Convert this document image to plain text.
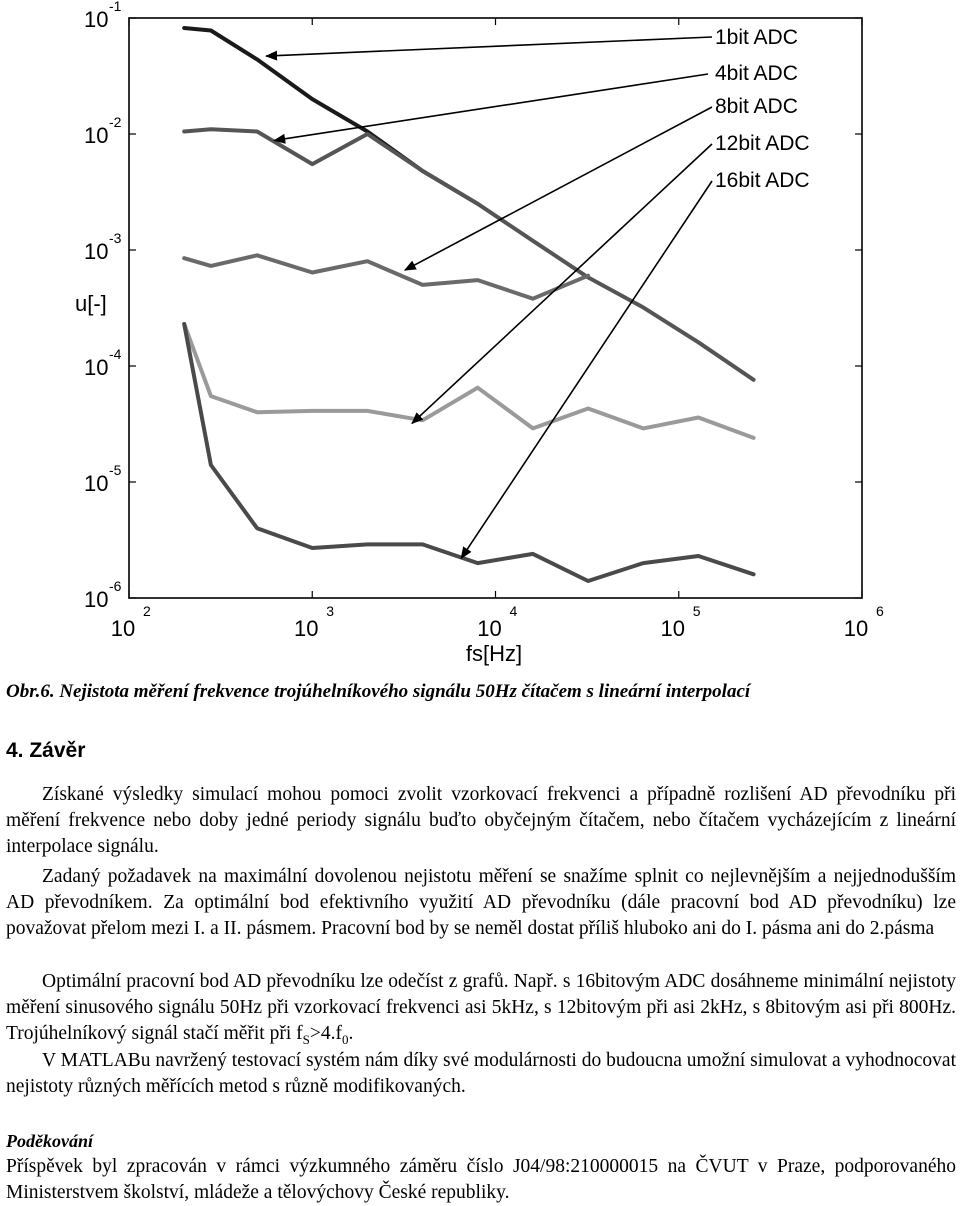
10
2
10
3
10
4
10
5
10
6
10
-1
10
-2
10
-3
10
-4
10
-5
10
-6
fs[Hz]
u[-]
1bit ADC
4bit ADC
8bit ADC
12bit ADC
16bit ADC
Obr.6. Nejistota měření frekvence trojúhelníkového signálu 50Hz čítačem s lineární interpolací
4. Závěr
Získané výsledky simulací mohou pomoci zvolit vzorkovací frekvenci a případně rozlišení AD převodníku při měření frekvence nebo doby jedné periody signálu buďto obyčejným čítačem, nebo čítačem vycházejícím z lineární interpolace signálu.
Zadaný požadavek na maximální dovolenou nejistotu měření se snažíme splnit co nejlevnějším a nejjednodušším AD převodníkem. Za optimální bod efektivního využití AD převodníku (dále pracovní bod AD převodníku) lze považovat přelom mezi I. a II. pásmem. Pracovní bod by se neměl dostat příliš hluboko ani do I. pásma ani do 2.pásma
Optimální pracovní bod AD převodníku lze odečíst z grafů. Např. s 16bitovým ADC dosáhneme minimální nejistoty měření sinusového signálu 50Hz při vzorkovací frekvenci asi 5kHz, s 12bitovým při asi 2kHz, s 8bitovým asi při 800Hz. Trojúhelníkový signál stačí měřit při $f_S>4.f_0$.
V MATLABu navržený testovací systém nám díky své modulárnosti do budoucna umožní simulovat a vyhodnocovat nejistoty různých měřících metod s různě modifikovaných.
Poděkování
Příspěvek byl zpracován v rámci výzkumného záměru číslo J04/98:210000015 na ČVUT v Praze, podporovaného Ministerstvem školství, mládeže a tělovýchovy České republiky.
